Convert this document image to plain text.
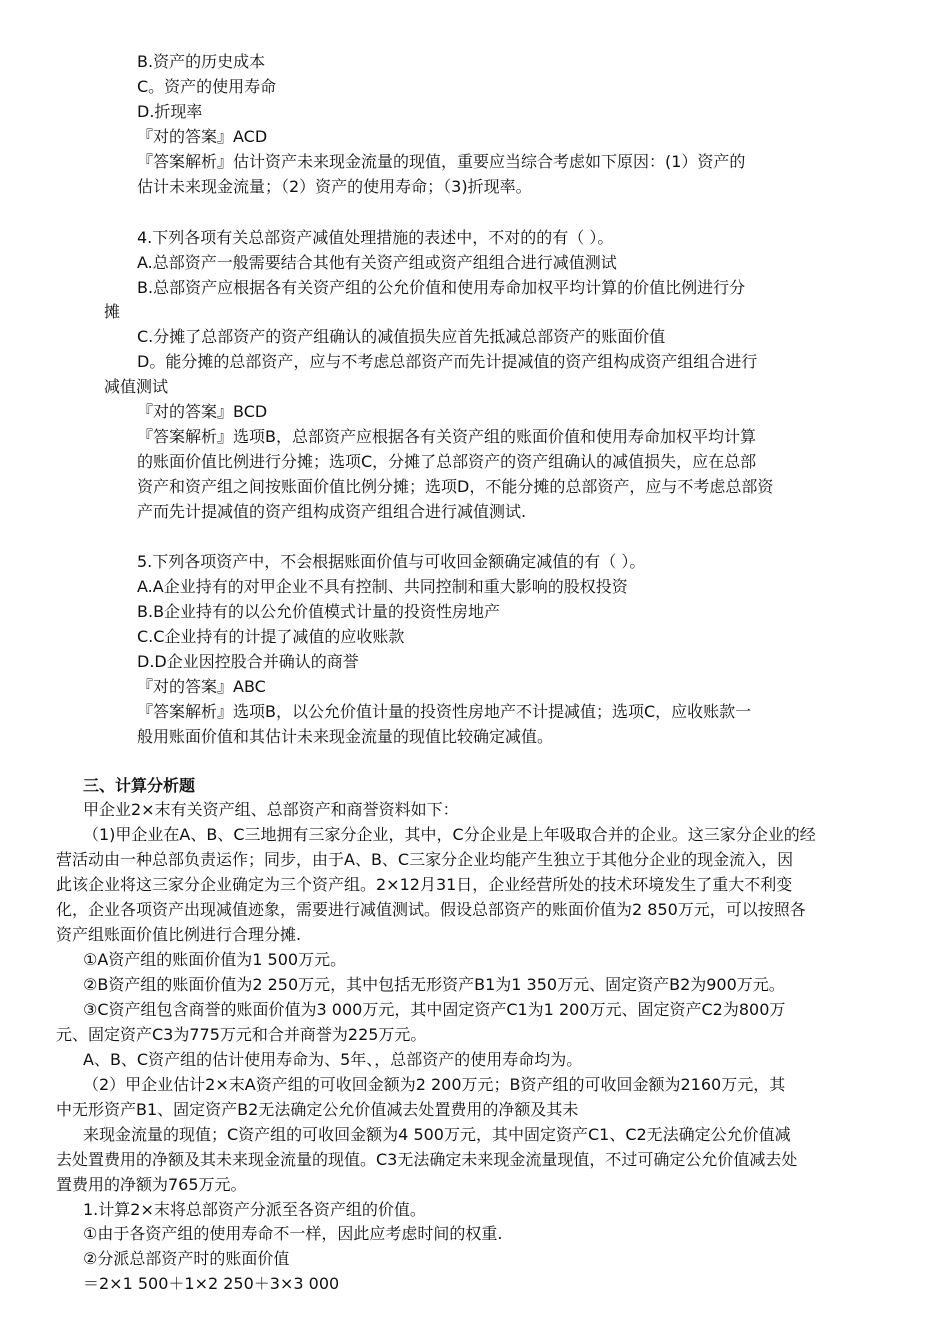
B.资产的历史成本
C。资产的使用寿命
D.折现率
『对的答案』ACD
『答案解析』估计资产未来现金流量的现值，重要应当综合考虑如下原因：(1）资产的
估计未来现金流量；（2）资产的使用寿命；（3)折现率。
4.下列各项有关总部资产减值处理措施的表述中，不对的的有（ ）。
A.总部资产一般需要结合其他有关资产组或资产组组合进行减值测试
B.总部资产应根据各有关资产组的公允价值和使用寿命加权平均计算的价值比例进行分
摊
C.分摊了总部资产的资产组确认的减值损失应首先抵减总部资产的账面价值
D。能分摊的总部资产，应与不考虑总部资产而先计提减值的资产组构成资产组组合进行
减值测试
『对的答案』BCD
『答案解析』选项B，总部资产应根据各有关资产组的账面价值和使用寿命加权平均计算
的账面价值比例进行分摊；选项C，分摊了总部资产的资产组确认的减值损失，应在总部
资产和资产组之间按账面价值比例分摊；选项D，不能分摊的总部资产，应与不考虑总部资
产而先计提减值的资产组构成资产组组合进行减值测试.
5.下列各项资产中，不会根据账面价值与可收回金额确定减值的有（ ）。
A.A企业持有的对甲企业不具有控制、共同控制和重大影响的股权投资
B.B企业持有的以公允价值模式计量的投资性房地产
C.C企业持有的计提了减值的应收账款
D.D企业因控股合并确认的商誉
『对的答案』ABC
『答案解析』选项B，以公允价值计量的投资性房地产不计提减值；选项C，应收账款一
般用账面价值和其估计未来现金流量的现值比较确定减值。
三、计算分析题
甲企业2×末有关资产组、总部资产和商誉资料如下：
（1)甲企业在A、B、C三地拥有三家分企业，其中，C分企业是上年吸取合并的企业。这三家分企业的经
营活动由一种总部负责运作；同步，由于A、B、C三家分企业均能产生独立于其他分企业的现金流入，因
此该企业将这三家分企业确定为三个资产组。2×12月31日，企业经营所处的技术环境发生了重大不利变
化，企业各项资产出现减值迹象，需要进行减值测试。假设总部资产的账面价值为2 850万元，可以按照各
资产组账面价值比例进行合理分摊.
①A资产组的账面价值为1 500万元。
②B资产组的账面价值为2 250万元，其中包括无形资产B1为1 350万元、固定资产B2为900万元。
③C资产组包含商誉的账面价值为3 000万元，其中固定资产C1为1 200万元、固定资产C2为800万
元、固定资产C3为775万元和合并商誉为225万元。
A、B、C资产组的估计使用寿命为、5年、，总部资产的使用寿命均为。
（2）甲企业估计2×末A资产组的可收回金额为2 200万元；B资产组的可收回金额为2160万元，其
中无形资产B1、固定资产B2无法确定公允价值减去处置费用的净额及其未
来现金流量的现值；C资产组的可收回金额为4 500万元，其中固定资产C1、C2无法确定公允价值减
去处置费用的净额及其未来现金流量的现值。C3无法确定未来现金流量现值，不过可确定公允价值减去处
置费用的净额为765万元。
1.计算2×末将总部资产分派至各资产组的价值。
①由于各资产组的使用寿命不一样，因此应考虑时间的权重.
②分派总部资产时的账面价值
＝2×1 500＋1×2 250＋3×3 000
